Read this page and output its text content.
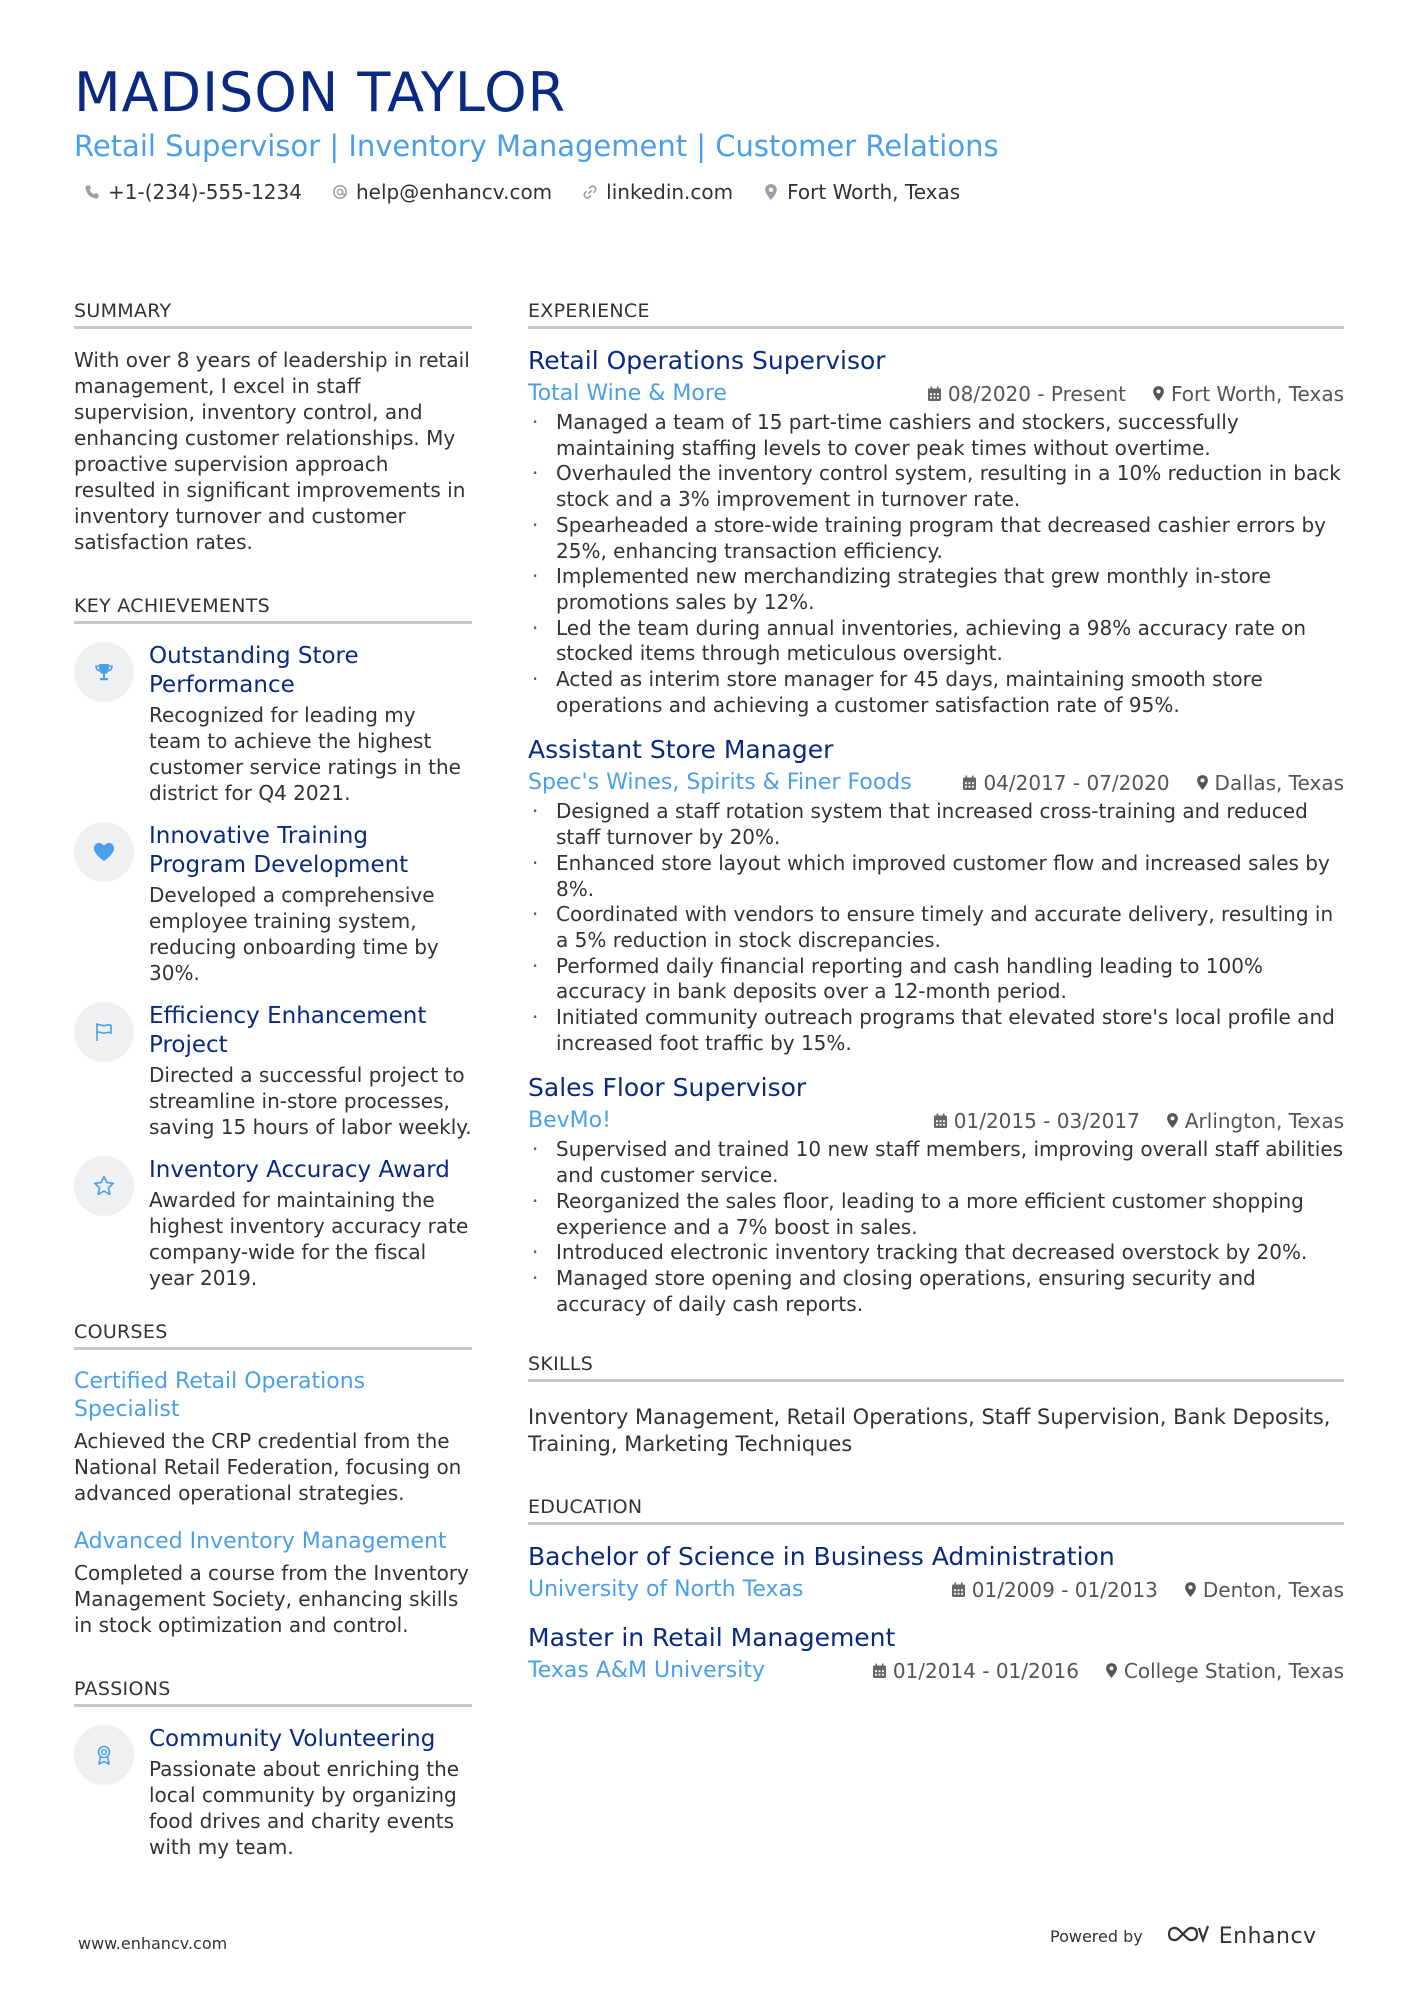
MADISON TAYLOR
Retail Supervisor | Inventory Management | Customer Relations
+1-(234)-555-1234	help@enhancv.com	linkedin.com	Fort Worth, Texas
SUMMARY
With over 8 years of leadership in retail management, I excel in staff supervision, inventory control, and enhancing customer relationships. My proactive supervision approach resulted in significant improvements in inventory turnover and customer satisfaction rates.
KEY ACHIEVEMENTS
Outstanding Store Performance
Recognized for leading my team to achieve the highest customer service ratings in the district for Q4 2021.
Innovative Training Program Development
Developed a comprehensive employee training system, reducing onboarding time by 30%.
Efficiency Enhancement Project
Directed a successful project to streamline in-store processes, saving 15 hours of labor weekly.
Inventory Accuracy Award
Awarded for maintaining the highest inventory accuracy rate company-wide for the fiscal year 2019.
COURSES
Certified Retail Operations Specialist
Achieved the CRP credential from the National Retail Federation, focusing on advanced operational strategies.
Advanced Inventory Management
Completed a course from the Inventory Management Society, enhancing skills in stock optimization and control.
PASSIONS
Community Volunteering
Passionate about enriching the local community by organizing food drives and charity events with my team.
EXPERIENCE
Retail Operations Supervisor
Total Wine & More	08/2020 - Present Fort Worth, Texas
· Managed a team of 15 part-time cashiers and stockers, successfully maintaining staffing levels to cover peak times without overtime.
· Overhauled the inventory control system, resulting in a 10% reduction in back stock and a 3% improvement in turnover rate.
· Spearheaded a store-wide training program that decreased cashier errors by 25%, enhancing transaction efficiency.
· Implemented new merchandizing strategies that grew monthly in-store promotions sales by 12%.
· Led the team during annual inventories, achieving a 98% accuracy rate on stocked items through meticulous oversight.
· Acted as interim store manager for 45 days, maintaining smooth store operations and achieving a customer satisfaction rate of 95%.
Assistant Store Manager
Spec's Wines, Spirits & Finer Foods	04/2017 - 07/2020 Dallas, Texas
· Designed a staff rotation system that increased cross-training and reduced staff turnover by 20%.
· Enhanced store layout which improved customer flow and increased sales by 8%.
· Coordinated with vendors to ensure timely and accurate delivery, resulting in a 5% reduction in stock discrepancies.
· Performed daily financial reporting and cash handling leading to 100% accuracy in bank deposits over a 12-month period.
· Initiated community outreach programs that elevated store's local profile and increased foot traffic by 15%.
Sales Floor Supervisor
BevMo!	01/2015 - 03/2017 Arlington, Texas
· Supervised and trained 10 new staff members, improving overall staff abilities and customer service.
· Reorganized the sales floor, leading to a more efficient customer shopping experience and a 7% boost in sales.
· Introduced electronic inventory tracking that decreased overstock by 20%.
· Managed store opening and closing operations, ensuring security and accuracy of daily cash reports.
SKILLS
Inventory Management, Retail Operations, Staff Supervision, Bank Deposits, Training, Marketing Techniques
EDUCATION
Bachelor of Science in Business Administration
University of North Texas	01/2009 - 01/2013 Denton, Texas
Master in Retail Management
Texas A&M University	01/2014 - 01/2016 College Station, Texas
www.enhancv.com	Powered by	Enhancv
